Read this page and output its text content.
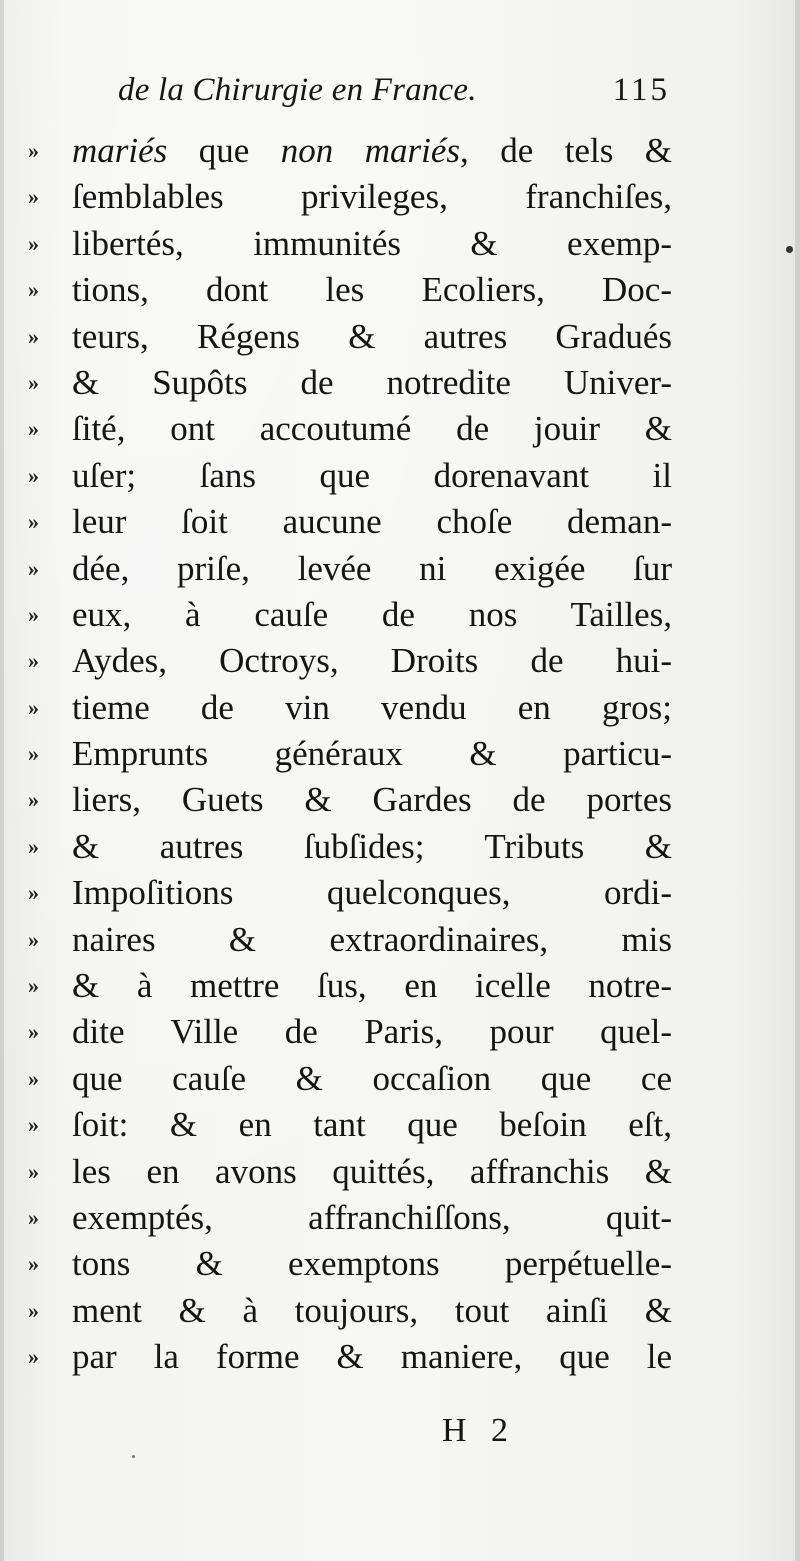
de la Chirurgie en France.	115
» mariés que non mariés, de tels &
» ſemblables privileges, franchiſes,
» libertés, immunités & exemp-
» tions, dont les Ecoliers, Doc-
» teurs, Régens & autres Gradués
» & Supôts de notredite Univer-
» ſité, ont accoutumé de jouir &
» uſer; ſans que dorenavant il
» leur ſoit aucune choſe deman-
» dée, priſe, levée ni exigée ſur
» eux, à cauſe de nos Tailles,
» Aydes, Octroys, Droits de hui-
» tieme de vin vendu en gros;
» Emprunts généraux & particu-
» liers, Guets & Gardes de portes
» & autres ſubſides; Tributs &
» Impoſitions quelconques, ordi-
» naires & extraordinaires, mis
» & à mettre ſus, en icelle notre-
» dite Ville de Paris, pour quel-
» que cauſe & occaſion que ce
» ſoit: & en tant que beſoin eſt,
» les en avons quittés, affranchis &
» exemptés, affranchiſſons, quit-
» tons & exemptons perpétuelle-
» ment & à toujours, tout ainſi &
» par la forme & maniere, que le
H 2
